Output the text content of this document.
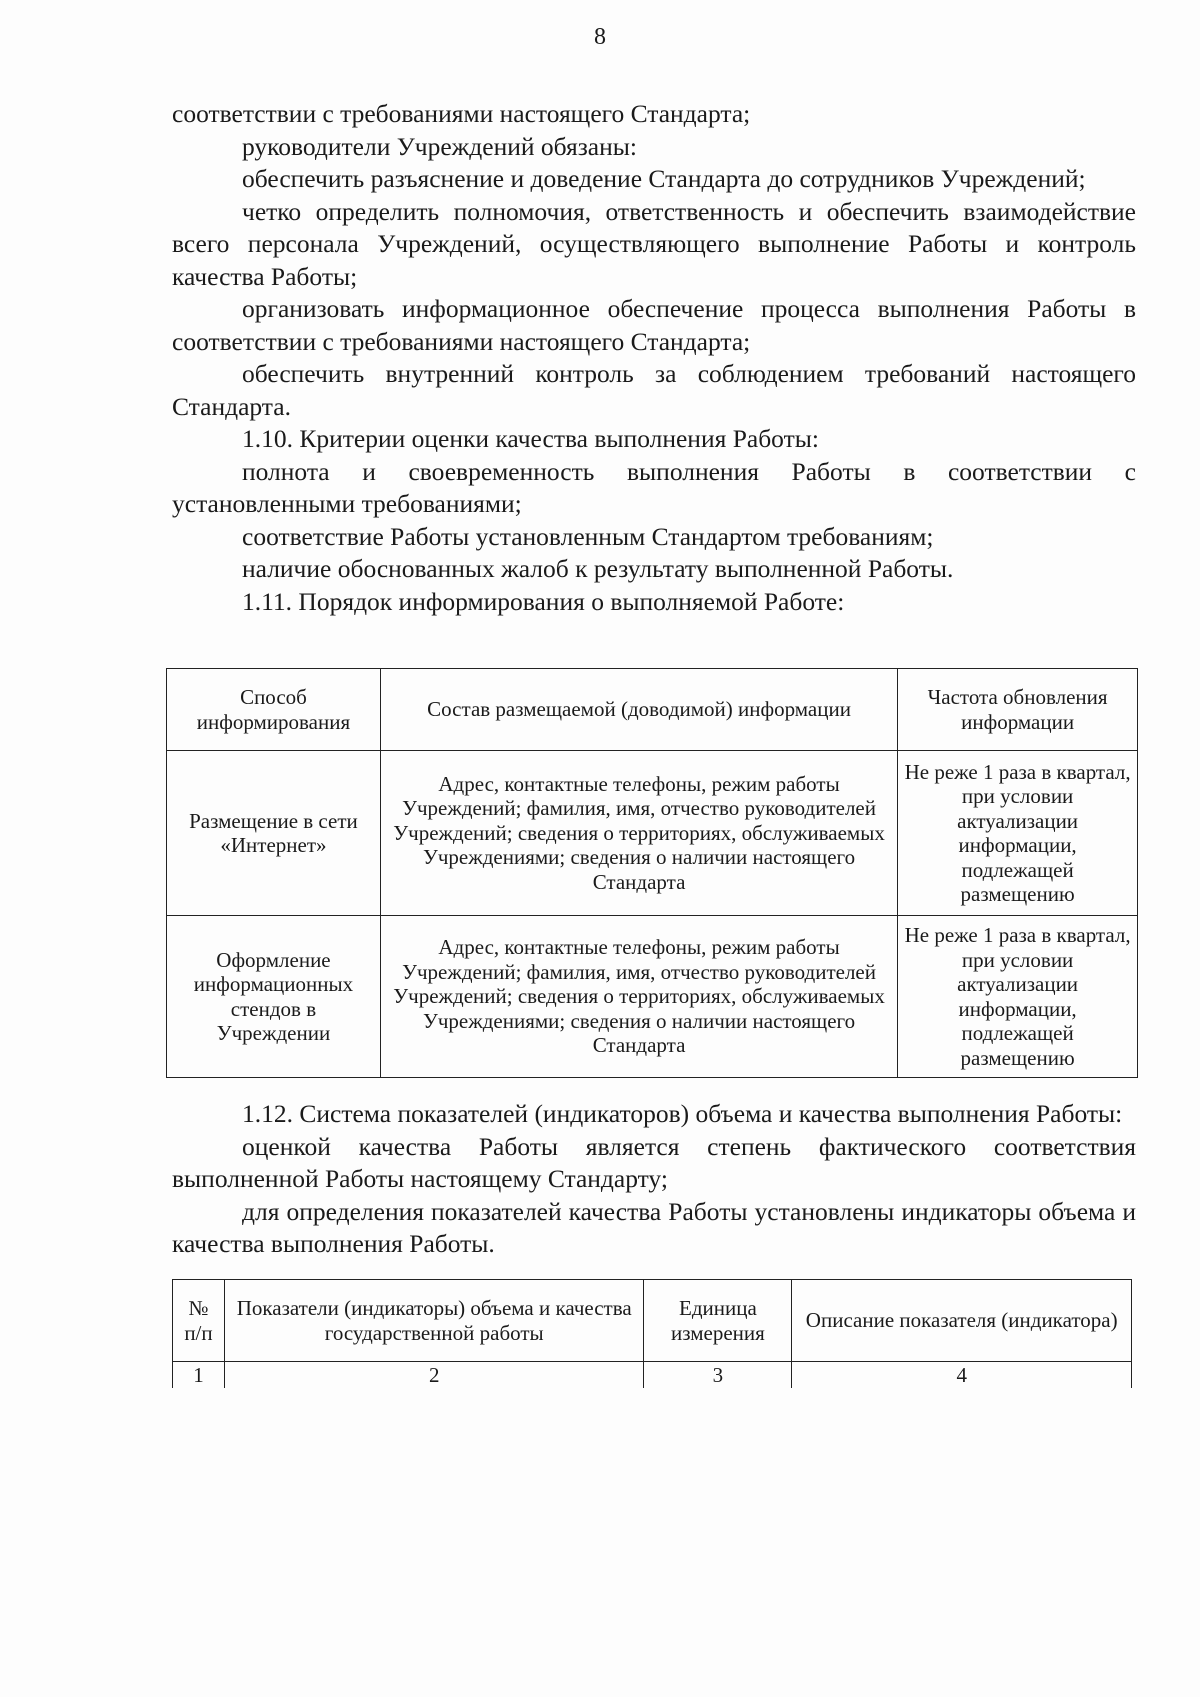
8

соответствии с требованиями настоящего Стандарта;

руководители Учреждений обязаны:

обеспечить разъяснение и доведение Стандарта до сотрудников Учреждений;

четко определить полномочия, ответственность и обеспечить взаимодействие всего персонала Учреждений, осуществляющего выполнение Работы и контроль качества Работы;

организовать информационное обеспечение процесса выполнения Работы в соответствии с требованиями настоящего Стандарта;

обеспечить внутренний контроль за соблюдением требований настоящего Стандарта.

1.10. Критерии оценки качества выполнения Работы:

полнота и своевременность выполнения Работы в соответствии с установленными требованиями;

соответствие Работы установленным Стандартом требованиям;

наличие обоснованных жалоб к результату выполненной Работы.

1.11. Порядок информирования о выполняемой Работе:

Способ информирования	Состав размещаемой (доводимой) информации	Частота обновления информации
Размещение в сети «Интернет»	Адрес, контактные телефоны, режим работы Учреждений; фамилия, имя, отчество руководителей Учреждений; сведения о территориях, обслуживаемых Учреждениями; сведения о наличии настоящего Стандарта	Не реже 1 раза в квартал, при условии актуализации информации, подлежащей размещению
Оформление информационных стендов в Учреждении	Адрес, контактные телефоны, режим работы Учреждений; фамилия, имя, отчество руководителей Учреждений; сведения о территориях, обслуживаемых Учреждениями; сведения о наличии настоящего Стандарта	Не реже 1 раза в квартал, при условии актуализации информации, подлежащей размещению

1.12. Система показателей (индикаторов) объема и качества выполнения Работы:

оценкой качества Работы является степень фактического соответствия выполненной Работы настоящему Стандарту;

для определения показателей качества Работы установлены индикаторы объема и качества выполнения Работы.

№ п/п	Показатели (индикаторы) объема и качества государственной работы	Единица измерения	Описание показателя (индикатора)
1	2	3	4
